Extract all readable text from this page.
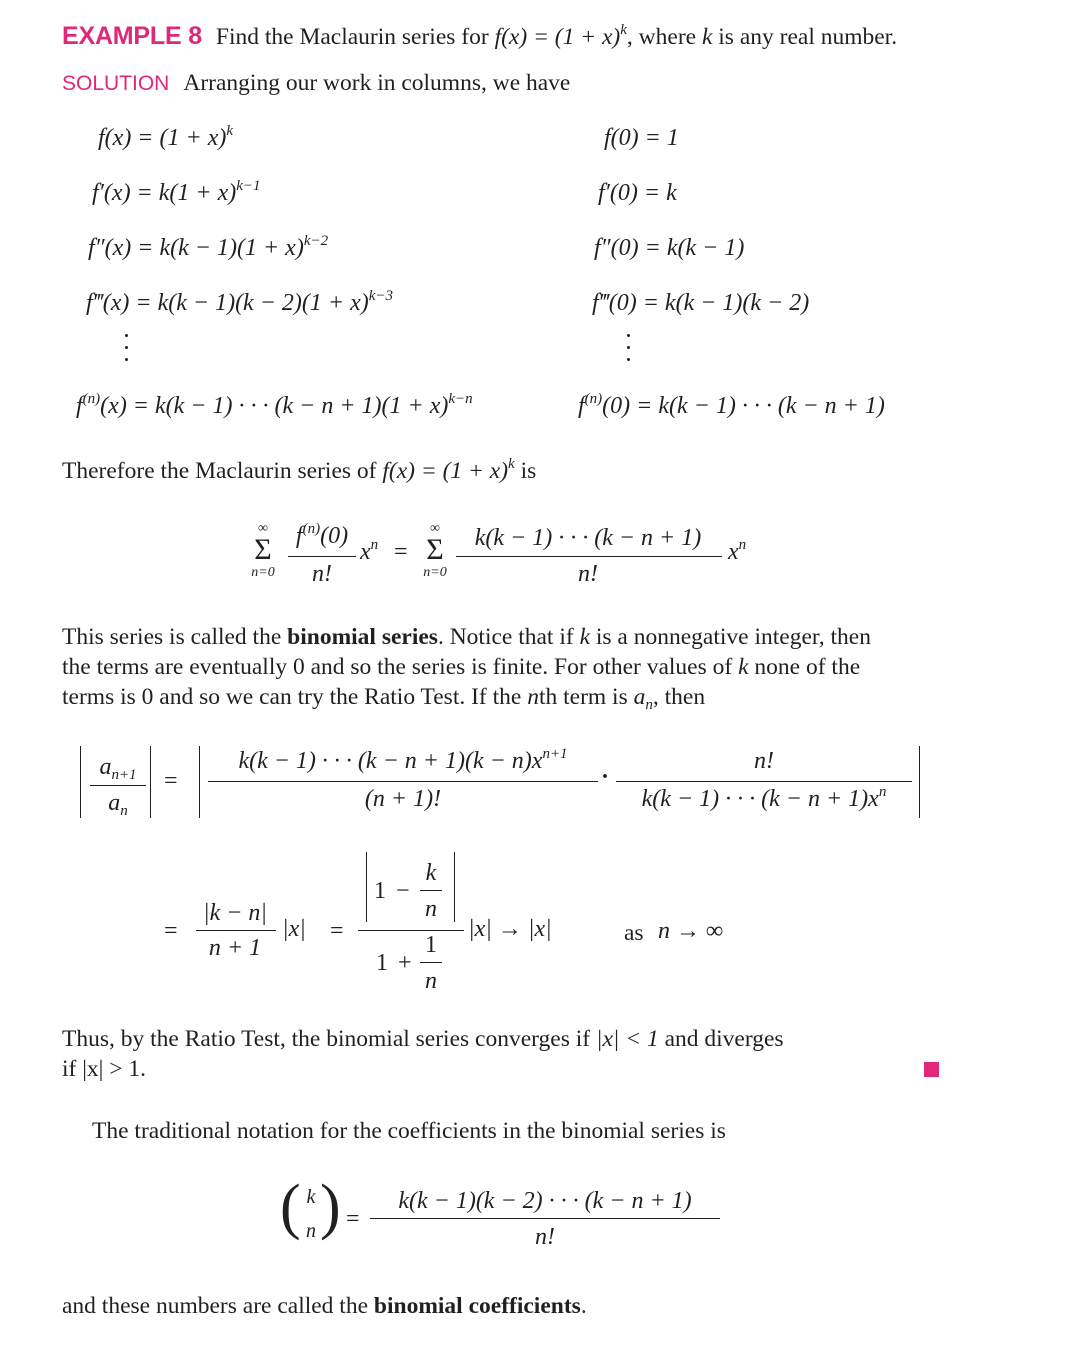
EXAMPLE 8 Find the Maclaurin series for $f(x) = (1 + x)^k$, where k is any real number.
SOLUTION Arranging our work in columns, we have
$f(x) = (1 + x)^k$
$f'(x) = k(1 + x)^{k-1}$
$f''(x) = k(k - 1)(1 + x)^{k-2}$
f‴(x) = $k(k - 1)(k - 2)(1 + x)^{k-3}$
f(0) = 1
f′(0) = k
f″(0) = k(k − 1)
f‴(0) = k(k − 1)(k − 2)
$f^{(n)}(x) = k(k - 1)$ · · · $(k - n + 1)(1 + x)^{k-n}$	$f^{(n)}(0) = k(k - 1)$ · · · (k − n + 1)
Therefore the Maclaurin series of $f(x) = (1 + x)^k$ is
∞
Σ
n=0
$f^{(n)}(0)$
n!
$x^n$ =
∞
Σ
n=0
k(k − 1) · · · (k − n + 1)
n!
$x^n$
This series is called the binomial series. Notice that if k is a nonnegative integer, then
the terms are eventually 0 and so the series is finite. For other values of k none of the
terms is 0 and so we can try the Ratio Test. If the nth term is $a_n$, then
$a_{n+1}$
$a_n$
=
k(k − 1) · · · $(k - n + 1)(k - n)x^{n+1}$
(n + 1)!
·
n!
k(k − 1) · · · $(k - n + 1)x^n$
=
|k − n|
n + 1
|x| =
1 −
k
n
1 +
1
n
|x| → |x|	as n → ∞
Thus, by the Ratio Test, the binomial series converges if |x| < 1 and diverges
if |x| > 1.
The traditional notation for the coefficients in the binomial series is
( k
n ) =
k(k − 1)(k − 2) · · · (k − n + 1)
n!
and these numbers are called the binomial coefficients.
